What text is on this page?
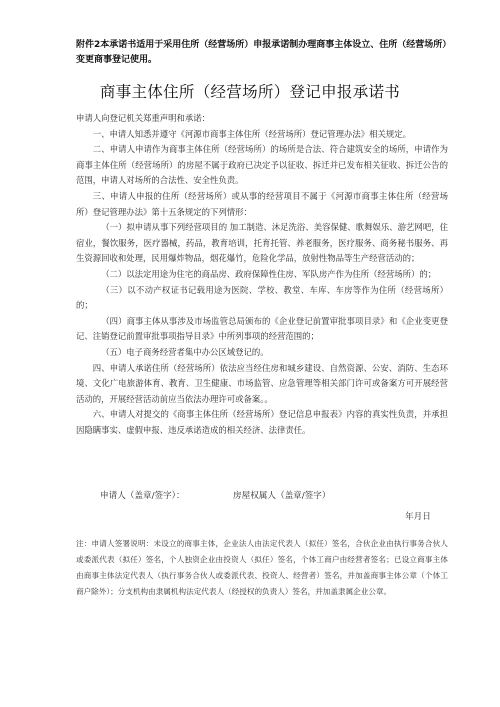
附件2本承诺书适用于采用住所（经营场所）申报承诺制办理商事主体设立、住所（经营场所）变更商事登记使用。
商事主体住所（经营场所）登记申报承诺书

申请人向登记机关郑重声明和承诺：

一、申请人知悉并遵守《河源市商事主体住所（经营场所）登记管理办法》相关规定。

二、申请人申请作为商事主体住所（经营场所）的场所是合法、符合建筑安全的场所，申请作为商事主体住所（经营场所）的房屋不属于政府已决定予以征收、拆迁并已发布相关征收、拆迁公告的范围，申请人对场所的合法性、安全性负责。

三、申请人申报的住所（经营场所）或从事的经营项目不属于《河源市商事主体住所（经营场所）登记管理办法》第十五条规定的下列情形：

（一）拟申请从事下列经营项目的 加工制造、沐足洗浴、美容保健、歌舞娱乐、游艺网吧，住宿业，餐饮服务，医疗器械，药品，教育培训，托育托管、养老服务，医疗服务、商务秘书服务、再生资源回收和处理，民用爆炸物品，烟花爆竹，危险化学品，放射性物品等生产经营活动的；

（二）以法定用途为住宅的商品房、政府保障性住房、军队房产作为住所（经营场所）的；

（三）以不动产权证书记载用途为医院、学校、教堂、车库、车房等作为住所（经营场所）的；

（四）商事主体从事涉及市场监管总局颁布的《企业登记前置审批事项目录》和《企业变更登记、注销登记前置审批事项指导目录》中所列事项的经营范围的；

（五）电子商务经营者集中办公区域登记的。

四、申请人承诺住所（经营场所）依法应当经住房和城乡建设、自然资源、公安、消防、生态环境、文化广电旅游体育、教育、卫生健康、市场监管、应急管理等相关部门许可或备案方可开展经营活动的，开展经营活动前应当依法办理许可或备案。。

六、申请人对提交的《商事主体住所（经营场所）登记信息申报表》内容的真实性负责，并承担因隐瞒事实、虚假申报、违反承诺造成的相关经济、法律责任。

申请人（盖章/签字）：	房屋权属人（盖章/签字）
年月日
注：申请人签署说明：未设立的商事主体，企业法人由法定代表人（拟任）签名，合伙企业由执行事务合伙人或委派代表（拟任）签名，个人独资企业由投资人（拟任）签名，个体工商户由经营者签名；已设立商事主体由商事主体法定代表人（执行事务合伙人或委派代表、投资人、经营者）签名，并加盖商事主体公章（个体工商户除外）；分支机构由隶属机构法定代表人（经授权的负责人）签名，并加盖隶属企业公章。
